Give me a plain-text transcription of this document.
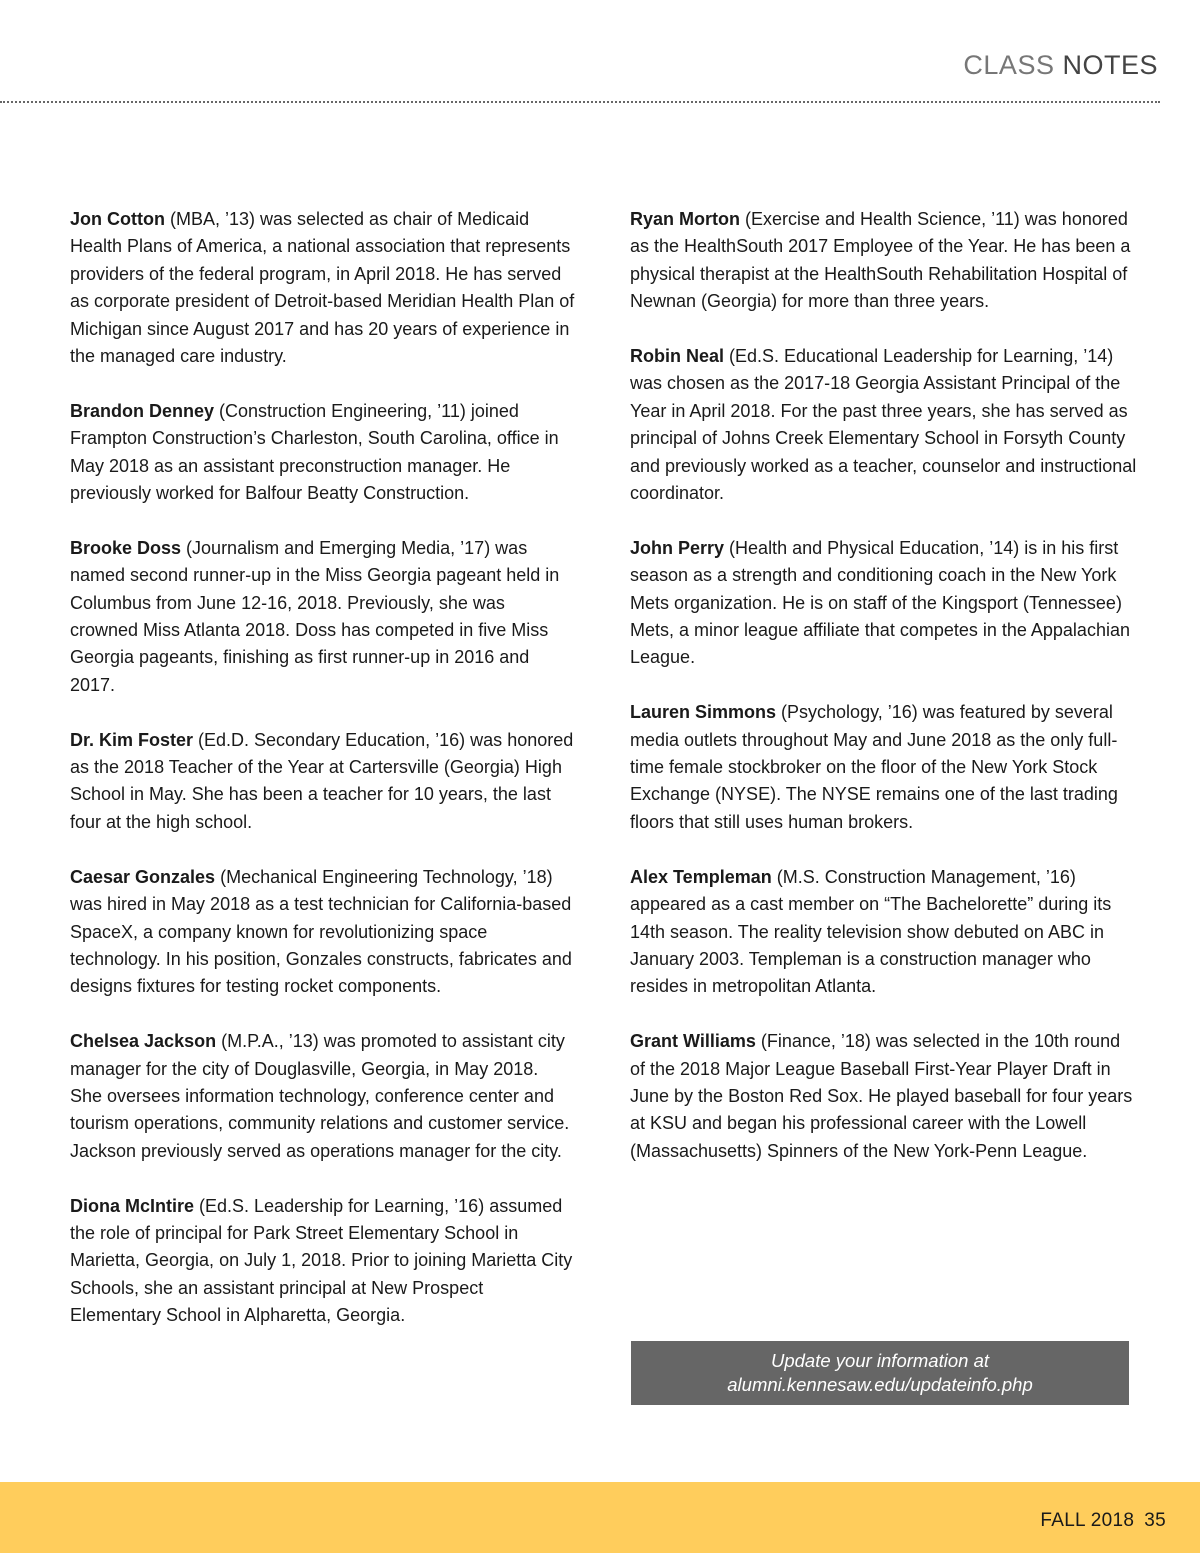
CLASS NOTES

Jon Cotton (MBA, ’13) was selected as chair of Medicaid Health Plans of America, a national association that represents providers of the federal program, in April 2018. He has served as corporate president of Detroit-based Meridian Health Plan of Michigan since August 2017 and has 20 years of experience in the managed care industry.

Brandon Denney (Construction Engineering, ’11) joined Frampton Construction’s Charleston, South Carolina, office in May 2018 as an assistant preconstruction manager. He previously worked for Balfour Beatty Construction.

Brooke Doss (Journalism and Emerging Media, ’17) was named second runner-up in the Miss Georgia pageant held in Columbus from June 12-16, 2018. Previously, she was crowned Miss Atlanta 2018. Doss has competed in five Miss Georgia pageants, finishing as first runner-up in 2016 and 2017.

Dr. Kim Foster (Ed.D. Secondary Education, ’16) was honored as the 2018 Teacher of the Year at Cartersville (Georgia) High School in May. She has been a teacher for 10 years, the last four at the high school.

Caesar Gonzales (Mechanical Engineering Technology, ’18) was hired in May 2018 as a test technician for California-based SpaceX, a company known for revolutionizing space technology. In his position, Gonzales constructs, fabricates and designs fixtures for testing rocket components.

Chelsea Jackson (M.P.A., ’13) was promoted to assistant city manager for the city of Douglasville, Georgia, in May 2018. She oversees information technology, conference center and tourism operations, community relations and customer service. Jackson previously served as operations manager for the city.

Diona McIntire (Ed.S. Leadership for Learning, ’16) assumed the role of principal for Park Street Elementary School in Marietta, Georgia, on July 1, 2018. Prior to joining Marietta City Schools, she an assistant principal at New Prospect Elementary School in Alpharetta, Georgia.

Ryan Morton (Exercise and Health Science, ’11) was honored as the HealthSouth 2017 Employee of the Year. He has been a physical therapist at the HealthSouth Rehabilitation Hospital of Newnan (Georgia) for more than three years.

Robin Neal (Ed.S. Educational Leadership for Learning, ’14) was chosen as the 2017-18 Georgia Assistant Principal of the Year in April 2018. For the past three years, she has served as principal of Johns Creek Elementary School in Forsyth County and previously worked as a teacher, counselor and instructional coordinator.

John Perry (Health and Physical Education, ’14) is in his first season as a strength and conditioning coach in the New York Mets organization. He is on staff of the Kingsport (Tennessee) Mets, a minor league affiliate that competes in the Appalachian League.

Lauren Simmons (Psychology, ’16) was featured by several media outlets throughout May and June 2018 as the only full-time female stockbroker on the floor of the New York Stock Exchange (NYSE). The NYSE remains one of the last trading floors that still uses human brokers.

Alex Templeman (M.S. Construction Management, ’16) appeared as a cast member on “The Bachelorette” during its 14th season. The reality television show debuted on ABC in January 2003. Templeman is a construction manager who resides in metropolitan Atlanta.

Grant Williams (Finance, ’18) was selected in the 10th round of the 2018 Major League Baseball First-Year Player Draft in June by the Boston Red Sox. He played baseball for four years at KSU and began his professional career with the Lowell (Massachusetts) Spinners of the New York-Penn League.

Update your information at
alumni.kennesaw.edu/updateinfo.php
FALL 2018 35
